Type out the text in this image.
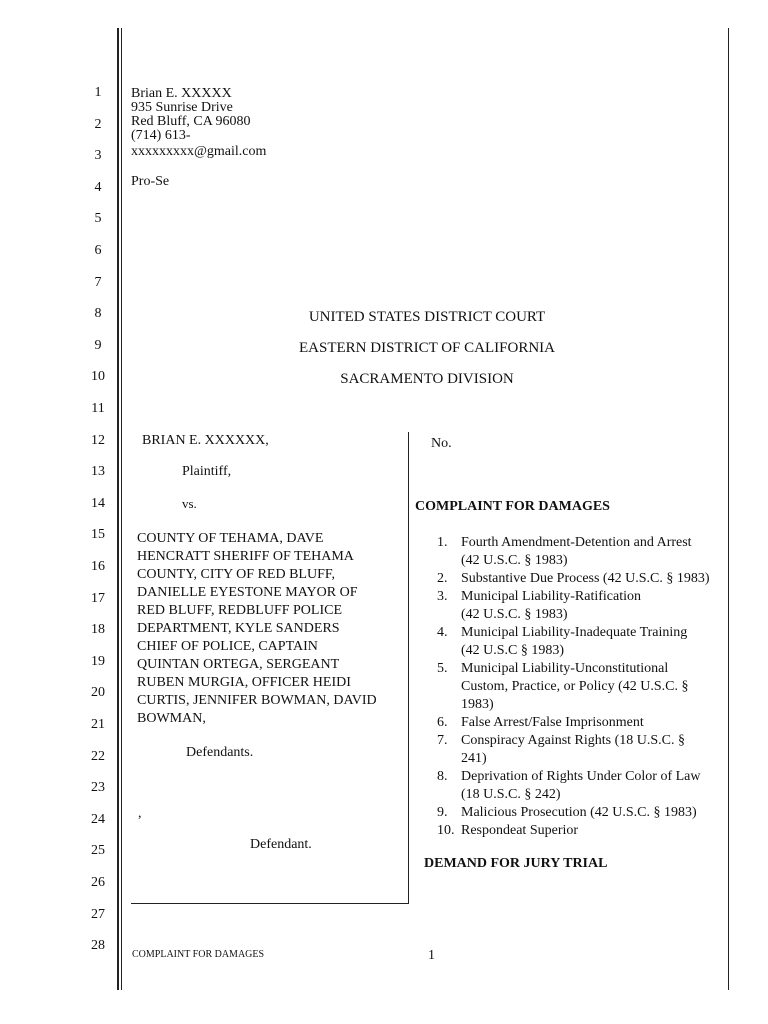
1
2
3
4
5
6
7
8
9
10
11
12
13
14
15
16
17
18
19
20
21
22
23
24
25
26
27
28
Brian E. XXXXX
935 Sunrise Drive
Red Bluff, CA 96080
(714) 613-
xxxxxxxxx@gmail.com
Pro-Se
UNITED STATES DISTRICT COURT
EASTERN DISTRICT OF CALIFORNIA
SACRAMENTO DIVISION
BRIAN E. XXXXXX,
Plaintiff,
vs.
COUNTY OF TEHAMA, DAVE
HENCRATT SHERIFF OF TEHAMA
COUNTY, CITY OF RED BLUFF,
DANIELLE EYESTONE MAYOR OF
RED BLUFF, REDBLUFF POLICE
DEPARTMENT, KYLE SANDERS
CHIEF OF POLICE, CAPTAIN
QUINTAN ORTEGA, SERGEANT
RUBEN MURGIA, OFFICER HEIDI
CURTIS, JENNIFER BOWMAN, DAVID
BOWMAN,
Defendants.
,
Defendant.
No.
COMPLAINT FOR DAMAGES
1. Fourth Amendment-Detention and Arrest
(42 U.S.C. § 1983)
2. Substantive Due Process (42 U.S.C. § 1983)
3. Municipal Liability-Ratification
(42 U.S.C. § 1983)
4. Municipal Liability-Inadequate Training
(42 U.S.C § 1983)
5. Municipal Liability-Unconstitutional
Custom, Practice, or Policy (42 U.S.C. §
1983)
6. False Arrest/False Imprisonment
7. Conspiracy Against Rights (18 U.S.C. §
241)
8. Deprivation of Rights Under Color of Law
(18 U.S.C. § 242)
9. Malicious Prosecution (42 U.S.C. § 1983)
10. Respondeat Superior
DEMAND FOR JURY TRIAL
COMPLAINT FOR DAMAGES	1
